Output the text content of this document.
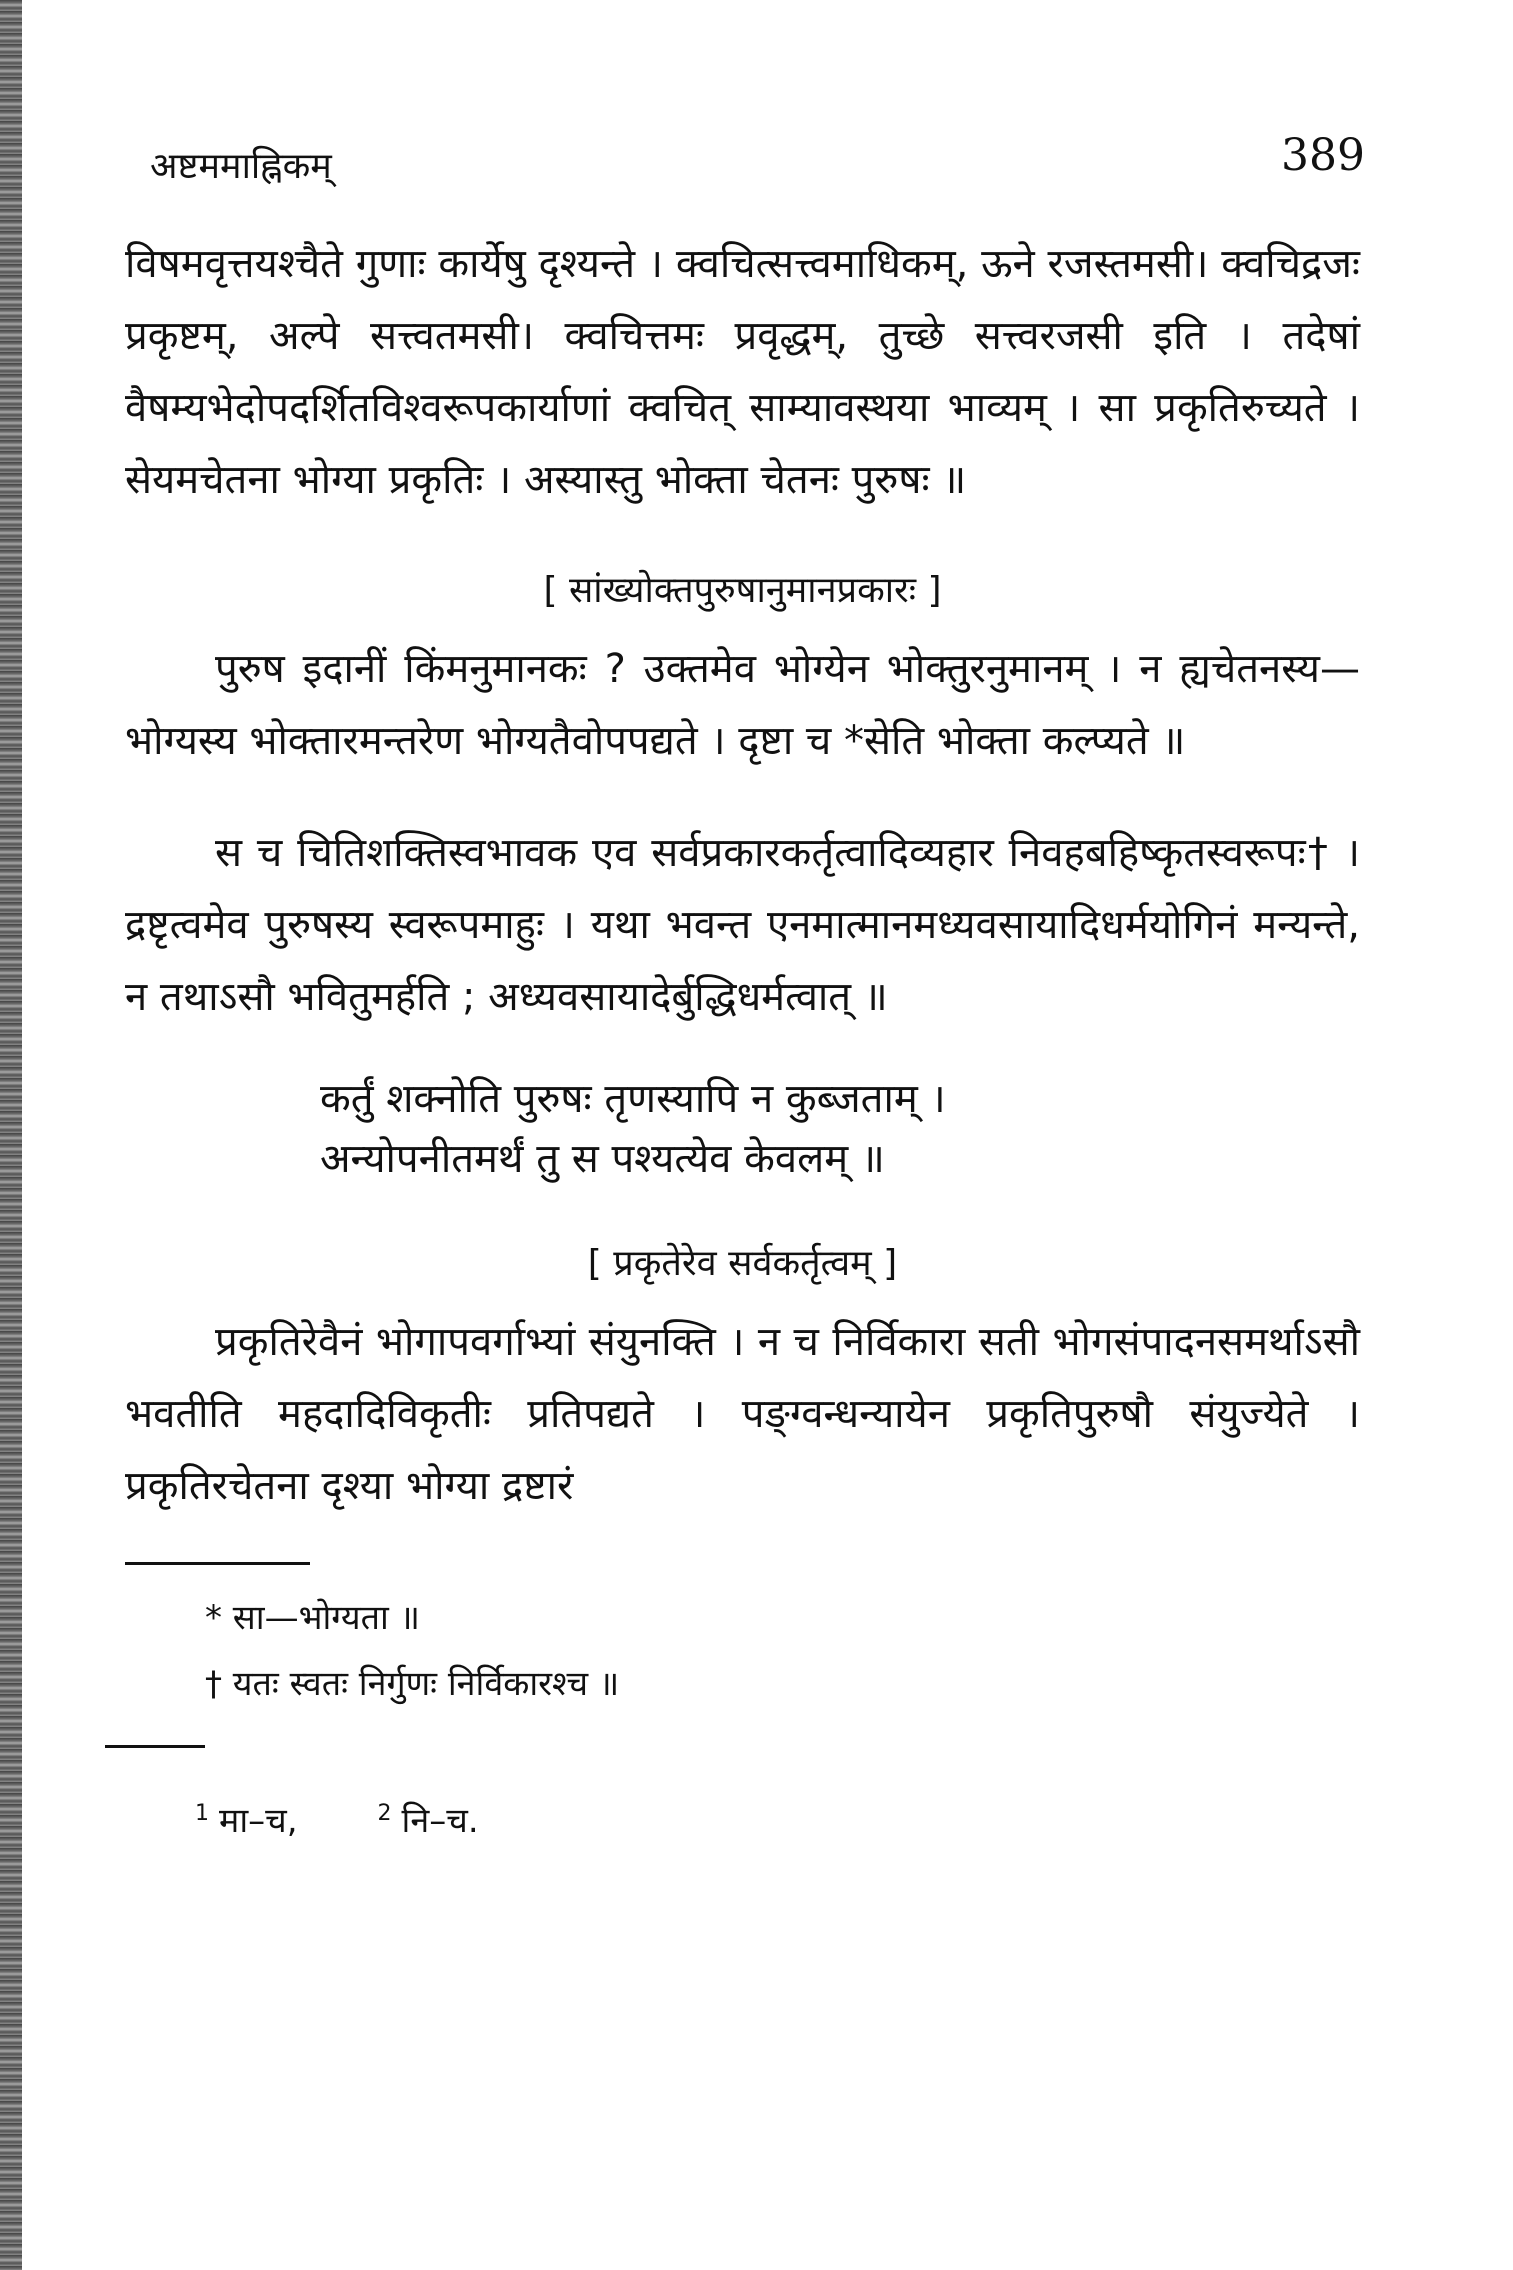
अष्टममाह्निकम्	389

विषमवृत्तयश्चैते गुणाः कार्येषु दृश्यन्ते । क्वचित्सत्त्वमाधिकम्, ऊने रजस्तमसी। क्वचिद्रजः प्रकृष्टम्, अल्पे सत्त्वतमसी। क्वचित्तमः प्रवृद्धम्, तुच्छे सत्त्वरजसी इति । तदेषां वैषम्यभेदोपदर्शितविश्वरूपकार्याणां क्वचित् साम्यावस्थया भाव्यम् । सा प्रकृतिरुच्यते । सेयमचेतना भोग्या प्रकृतिः । अस्यास्तु भोक्ता चेतनः पुरुषः ॥

[ सांख्योक्तपुरुषानुमानप्रकारः ]

पुरुष इदानीं किंमनुमानकः ? उक्तमेव भोग्येन भोक्तुरनुमानम् । न ह्यचेतनस्य—भोग्यस्य भोक्तारमन्तरेण भोग्यतैवोपपद्यते । दृष्टा च *सेति भोक्ता कल्प्यते ॥

स च चितिशक्तिस्वभावक एव सर्वप्रकारकर्तृत्वादिव्यहार निवहबहिष्कृतस्वरूपः† । द्रष्टृत्वमेव पुरुषस्य स्वरूपमाहुः । यथा भवन्त एनमात्मानमध्यवसायादिधर्मयोगिनं मन्यन्ते, न तथाऽसौ भवितुमर्हति ; अध्यवसायादेर्बुद्धिधर्मत्वात् ॥

कर्तुं शक्नोति पुरुषः तृणस्यापि न कुब्जताम् ।
अन्योपनीतमर्थं तु स पश्यत्येव केवलम् ॥
[ प्रकृतेरेव सर्वकर्तृत्वम् ]

प्रकृतिरेवैनं भोगापवर्गाभ्यां संयुनक्ति । न च निर्विकारा सती भोगसंपादनसमर्थाऽसौ भवतीति महदादिविकृतीः प्रतिपद्यते । पङ्ग्वन्धन्यायेन प्रकृतिपुरुषौ संयुज्येते । प्रकृतिरचेतना दृश्या भोग्या द्रष्टारं

* सा—भोग्यता ॥
† यतः स्वतः निर्गुणः निर्विकारश्च ॥
$^1$ मा–च,	$^2$ नि–च.
